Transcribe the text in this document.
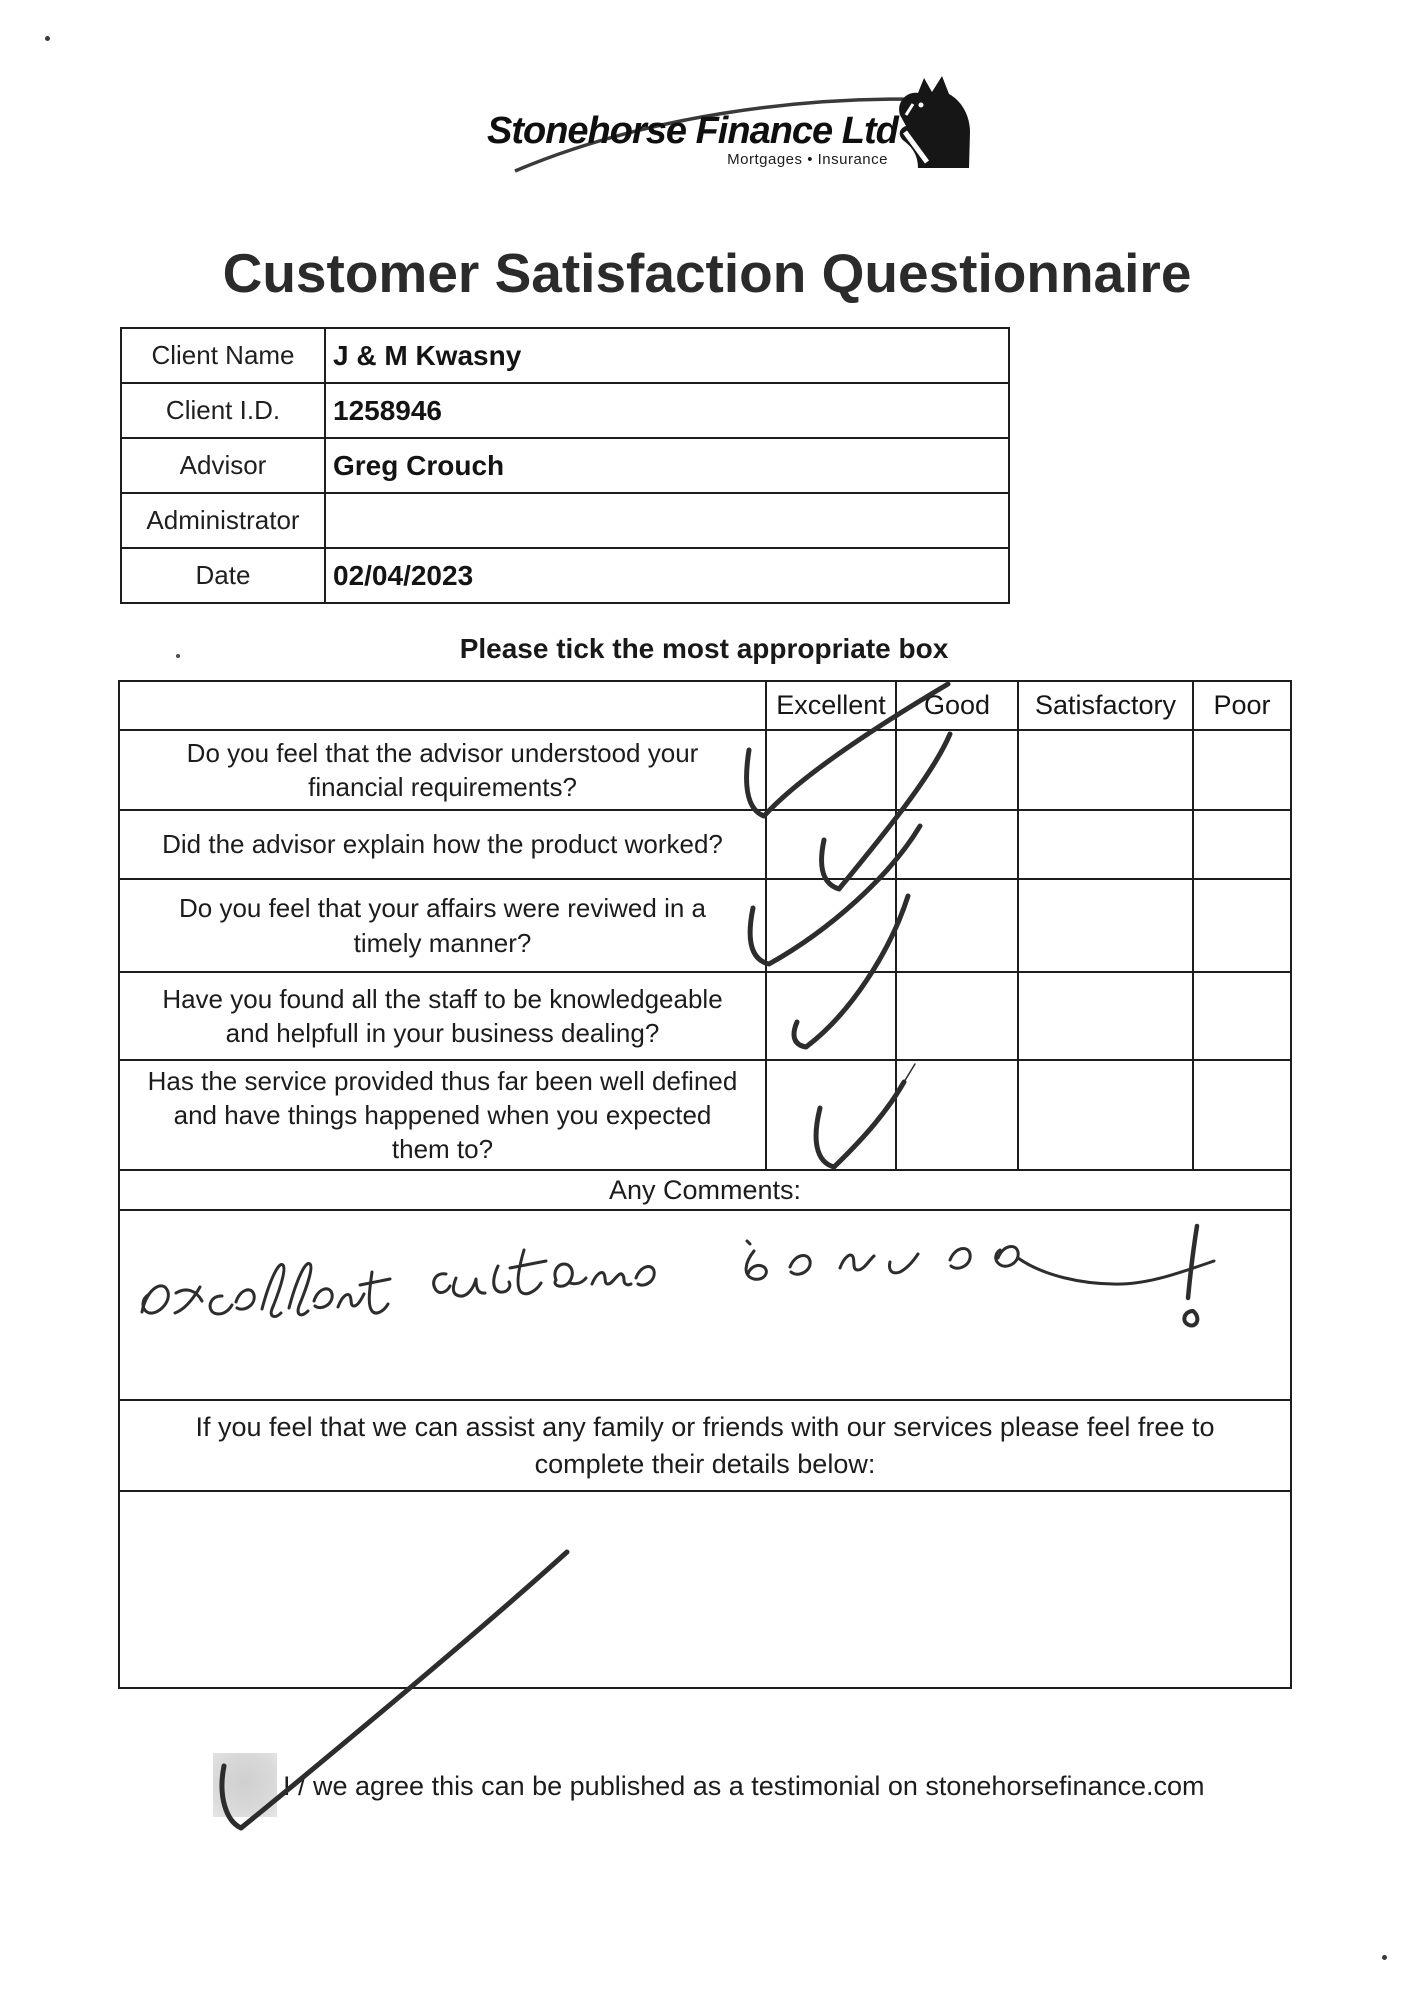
Stonehorse Finance Ltd
Mortgages • Insurance
Customer Satisfaction Questionnaire
Client Name	J & M Kwasny
Client I.D.	1258946
Advisor	Greg Crouch
Administrator	
Date	02/04/2023
Please tick the most appropriate box
	Excellent	Good	Satisfactory	Poor

Do you feel that the advisor understood your financial requirements?				

Did the advisor explain how the product worked?				

Do you feel that your affairs were reviwed in a timely manner?				

Have you found all the staff to be knowledgeable and helpfull in your business dealing?				

Has the service provided thus far been well defined and have things happened when you expected them to?				

Any Comments:				

If you feel that we can assist any family or friends with our services please feel free to complete their details below:				

I / we agree this can be published as a testimonial on stonehorsefinance.com
